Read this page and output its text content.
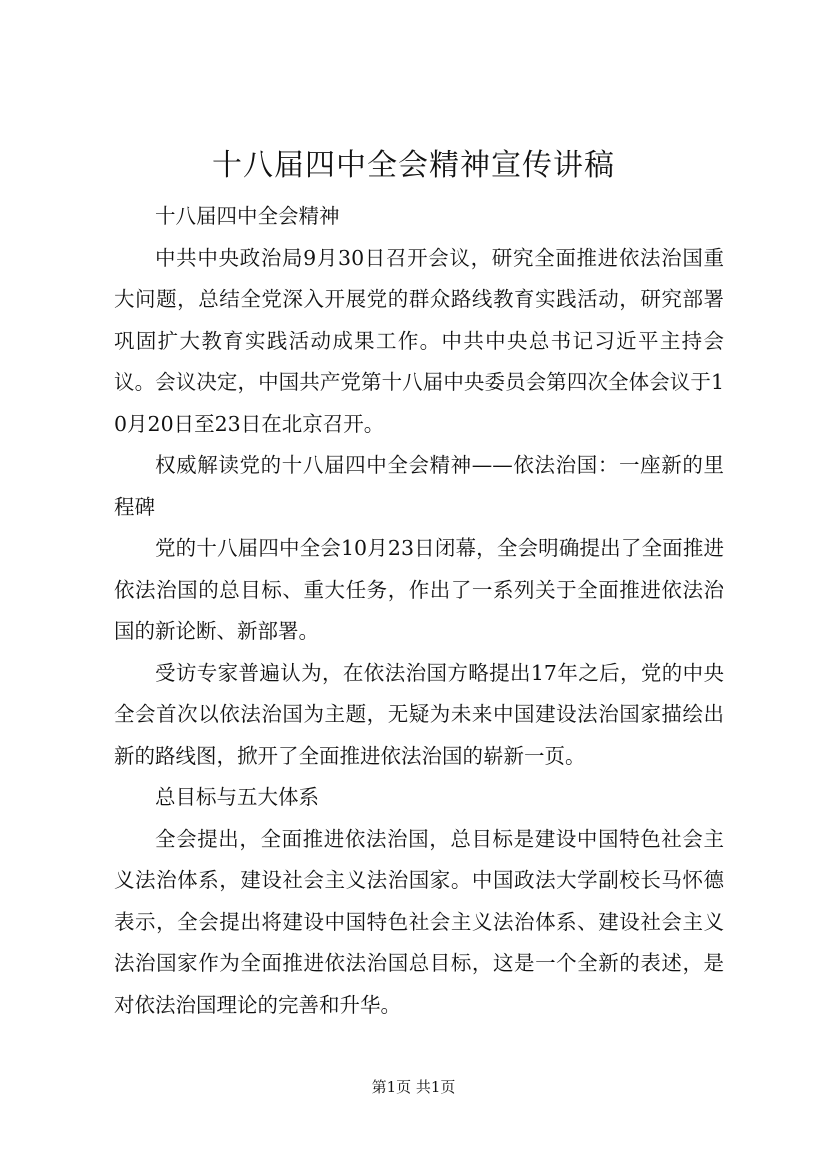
十八届四中全会精神宣传讲稿

十八届四中全会精神

中共中央政治局9月30日召开会议，研究全面推进依法治国重大问题，总结全党深入开展党的群众路线教育实践活动，研究部署巩固扩大教育实践活动成果工作。中共中央总书记习近平主持会议。会议决定，中国共产党第十八届中央委员会第四次全体会议于10月20日至23日在北京召开。

权威解读党的十八届四中全会精神——依法治国：一座新的里程碑

党的十八届四中全会10月23日闭幕，全会明确提出了全面推进依法治国的总目标、重大任务，作出了一系列关于全面推进依法治国的新论断、新部署。

受访专家普遍认为，在依法治国方略提出17年之后，党的中央全会首次以依法治国为主题，无疑为未来中国建设法治国家描绘出新的路线图，掀开了全面推进依法治国的崭新一页。

总目标与五大体系

全会提出，全面推进依法治国，总目标是建设中国特色社会主义法治体系，建设社会主义法治国家。中国政法大学副校长马怀德表示，全会提出将建设中国特色社会主义法治体系、建设社会主义法治国家作为全面推进依法治国总目标，这是一个全新的表述，是对依法治国理论的完善和升华。

第1页 共1页
